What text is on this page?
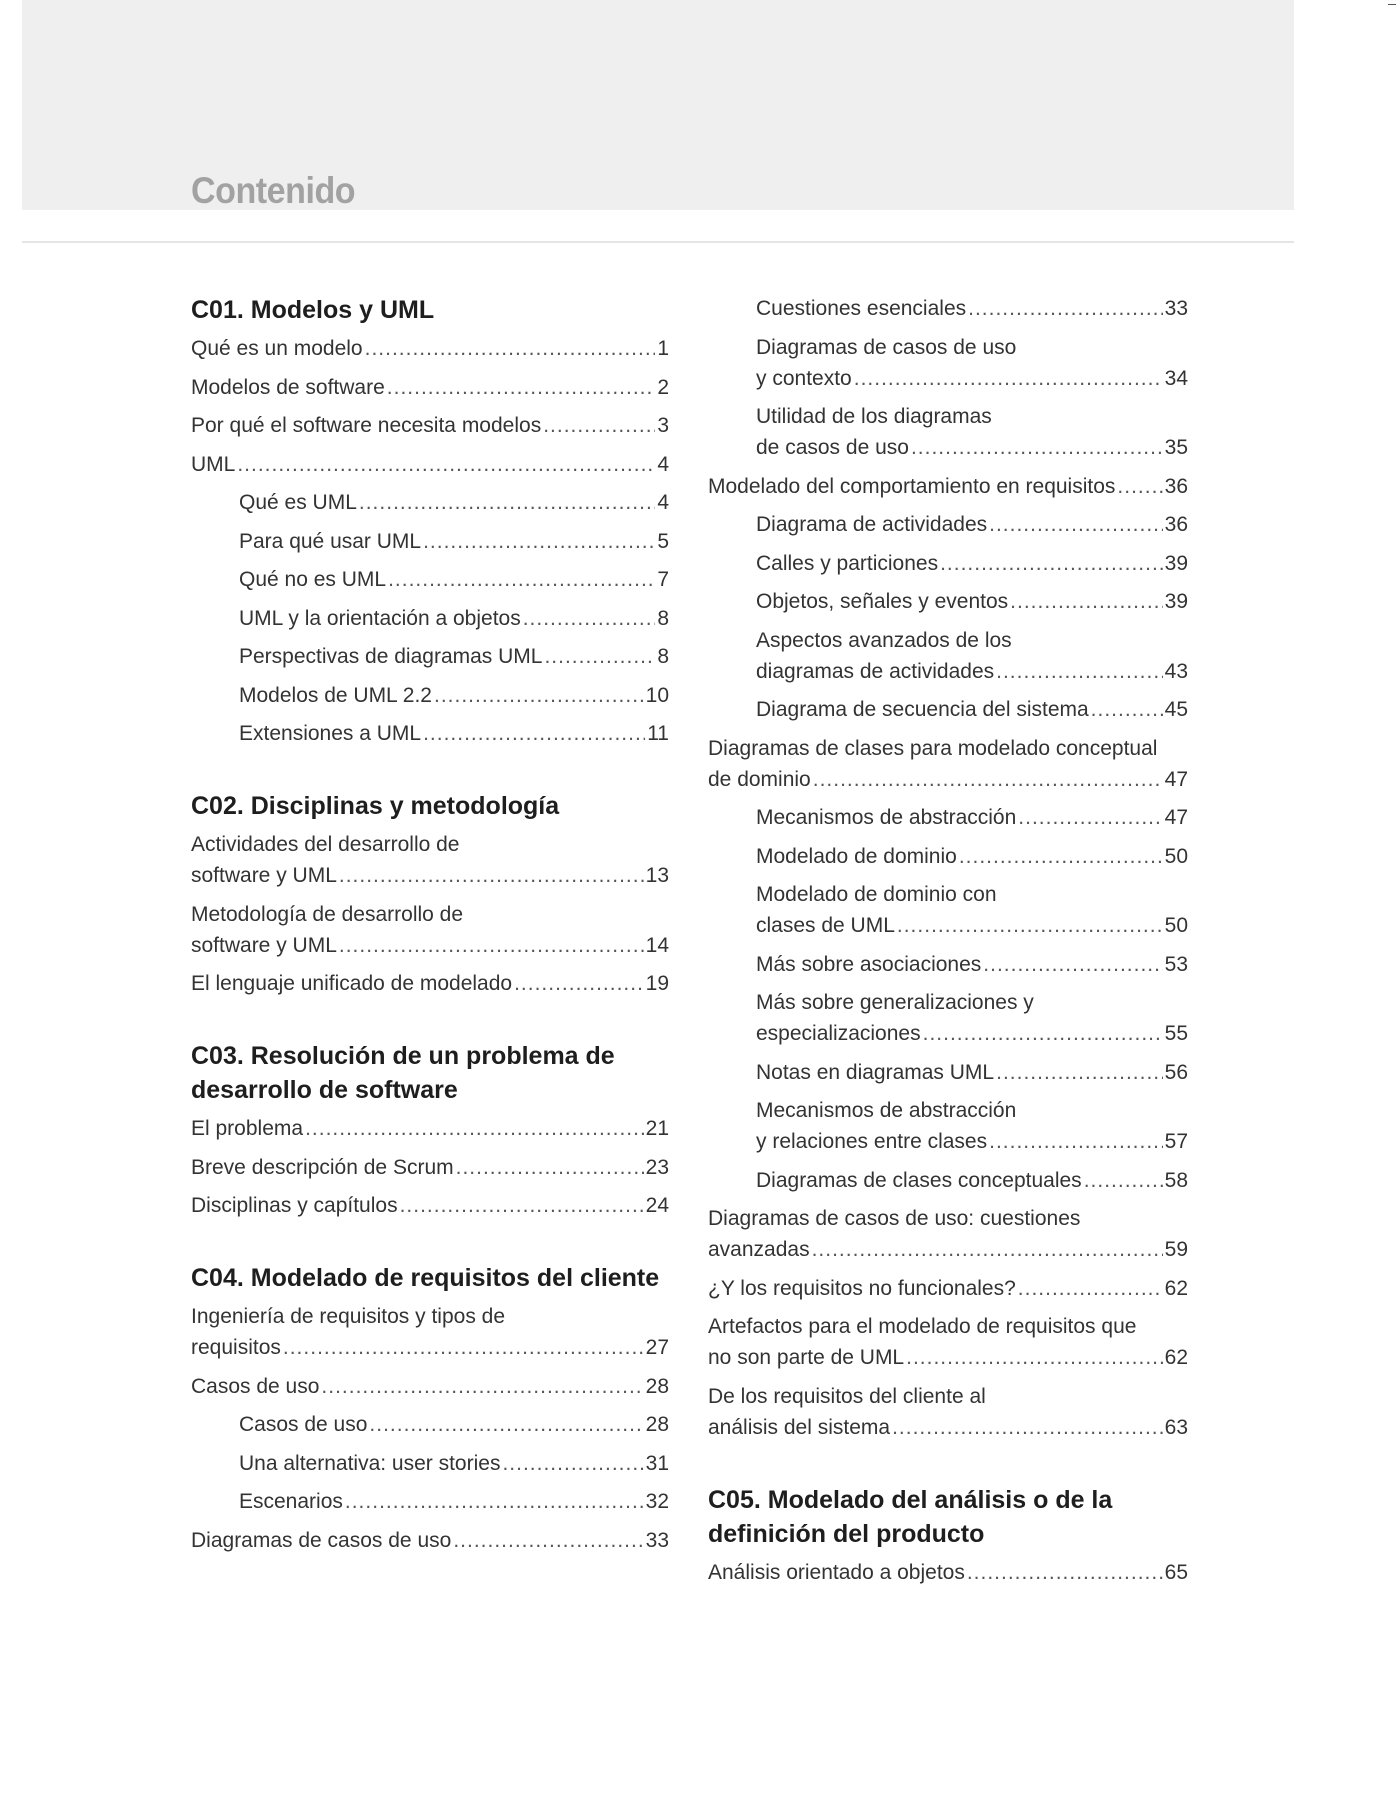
Contenido
C01. Modelos y UML
Qué es un modelo .....	1
Modelos de software .....	2
Por qué el software necesita modelos .....	3
UML .....	4
Qué es UML .....	4
Para qué usar UML .....	5
Qué no es UML .....	7
UML y la orientación a objetos .....	8
Perspectivas de diagramas UML .....	8
Modelos de UML 2.2 .....	10
Extensiones a UML .....	11
C02. Disciplinas y metodología
Actividades del desarrollo de
software y UML .....	13
Metodología de desarrollo de
software y UML .....	14
El lenguaje unificado de modelado .....	19
C03. Resolución de un problema de
desarrollo de software
El problema .....	21
Breve descripción de Scrum .....	23
Disciplinas y capítulos .....	24
C04. Modelado de requisitos del cliente
Ingeniería de requisitos y tipos de
requisitos .....	27
Casos de uso .....	28
Casos de uso .....	28
Una alternativa: user stories .....	31
Escenarios .....	32
Diagramas de casos de uso .....	33
Cuestiones esenciales .....	33
Diagramas de casos de uso
y contexto .....	34
Utilidad de los diagramas
de casos de uso .....	35
Modelado del comportamiento en requisitos ..... 36
Diagrama de actividades .....	36
Calles y particiones .....	39
Objetos, señales y eventos .....	39
Aspectos avanzados de los
diagramas de actividades .....	43
Diagrama de secuencia del sistema .....	45
Diagramas de clases para modelado conceptual
de dominio .....	47
Mecanismos de abstracción .....	47
Modelado de dominio .....	50
Modelado de dominio con
clases de UML .....	50
Más sobre asociaciones .....	53
Más sobre generalizaciones y
especializaciones .....	55
Notas en diagramas UML .....	56
Mecanismos de abstracción
y relaciones entre clases .....	57
Diagramas de clases conceptuales .....	58
Diagramas de casos de uso: cuestiones
avanzadas .....	59
¿Y los requisitos no funcionales? .....	62
Artefactos para el modelado de requisitos que
no son parte de UML .....	62
De los requisitos del cliente al
análisis del sistema .....	63
C05. Modelado del análisis o de la
definición del producto
Análisis orientado a objetos .....	65
